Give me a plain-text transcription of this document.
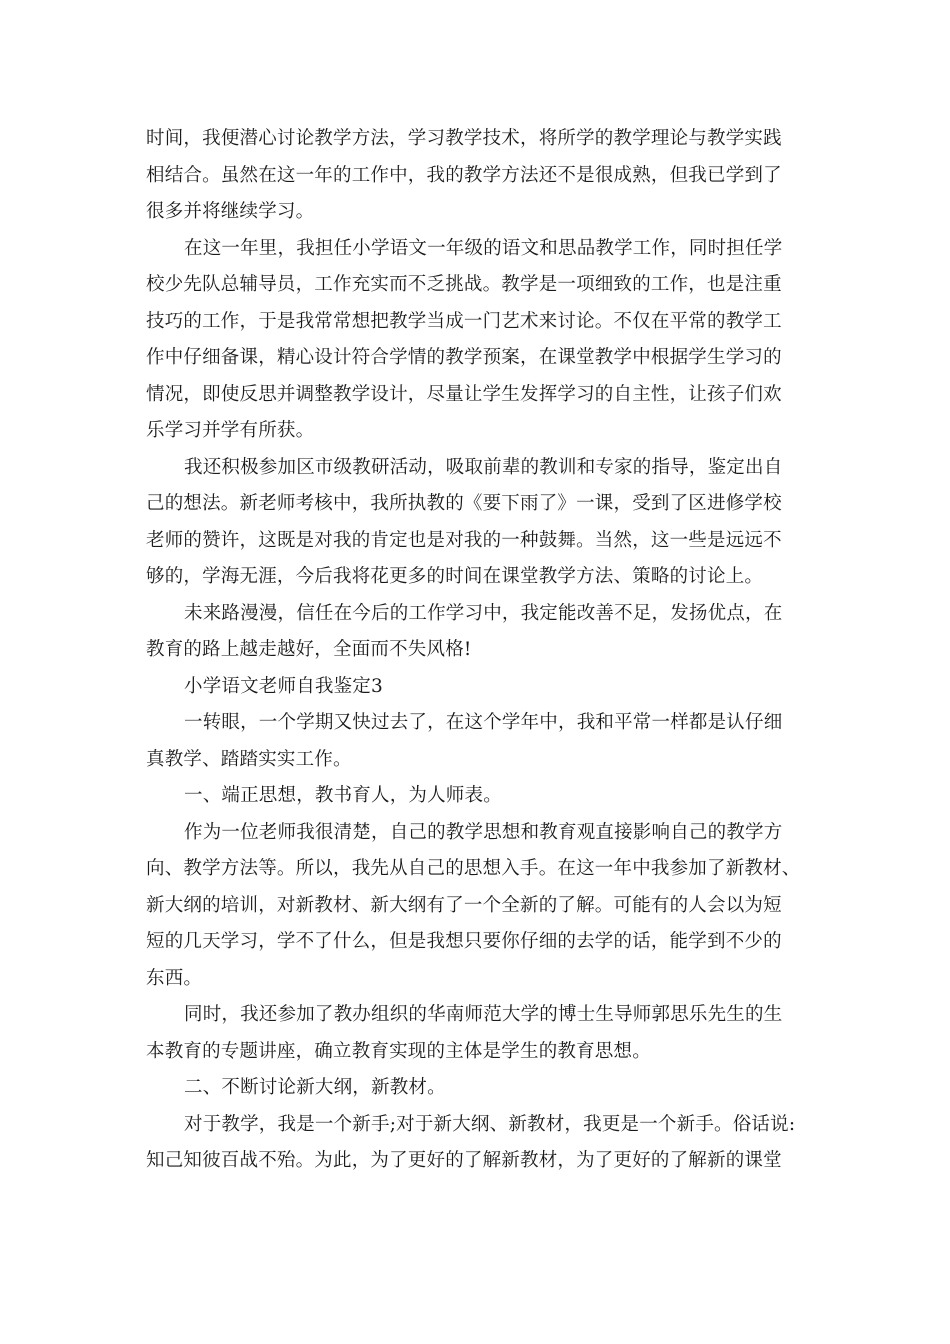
时间，我便潜心讨论教学方法，学习教学技术，将所学的教学理论与教学实践
相结合。虽然在这一年的工作中，我的教学方法还不是很成熟，但我已学到了
很多并将继续学习。
在这一年里，我担任小学语文一年级的语文和思品教学工作，同时担任学
校少先队总辅导员，工作充实而不乏挑战。教学是一项细致的工作，也是注重
技巧的工作，于是我常常想把教学当成一门艺术来讨论。不仅在平常的教学工
作中仔细备课，精心设计符合学情的教学预案，在课堂教学中根据学生学习的
情况，即使反思并调整教学设计，尽量让学生发挥学习的自主性，让孩子们欢
乐学习并学有所获。
我还积极参加区市级教研活动，吸取前辈的教训和专家的指导，鉴定出自
己的想法。新老师考核中，我所执教的《要下雨了》一课，受到了区进修学校
老师的赞许，这既是对我的肯定也是对我的一种鼓舞。当然，这一些是远远不
够的，学海无涯，今后我将花更多的时间在课堂教学方法、策略的讨论上。
未来路漫漫，信任在今后的工作学习中，我定能改善不足，发扬优点，在
教育的路上越走越好，全面而不失风格!
小学语文老师自我鉴定3
一转眼，一个学期又快过去了，在这个学年中，我和平常一样都是认仔细
真教学、踏踏实实工作。
一、端正思想，教书育人，为人师表。
作为一位老师我很清楚，自己的教学思想和教育观直接影响自己的教学方
向、教学方法等。所以，我先从自己的思想入手。在这一年中我参加了新教材、
新大纲的培训，对新教材、新大纲有了一个全新的了解。可能有的人会以为短
短的几天学习，学不了什么，但是我想只要你仔细的去学的话，能学到不少的
东西。
同时，我还参加了教办组织的华南师范大学的博士生导师郭思乐先生的生
本教育的专题讲座，确立教育实现的主体是学生的教育思想。
二、不断讨论新大纲，新教材。
对于教学，我是一个新手;对于新大纲、新教材，我更是一个新手。俗话说:
知己知彼百战不殆。为此，为了更好的了解新教材，为了更好的了解新的课堂
